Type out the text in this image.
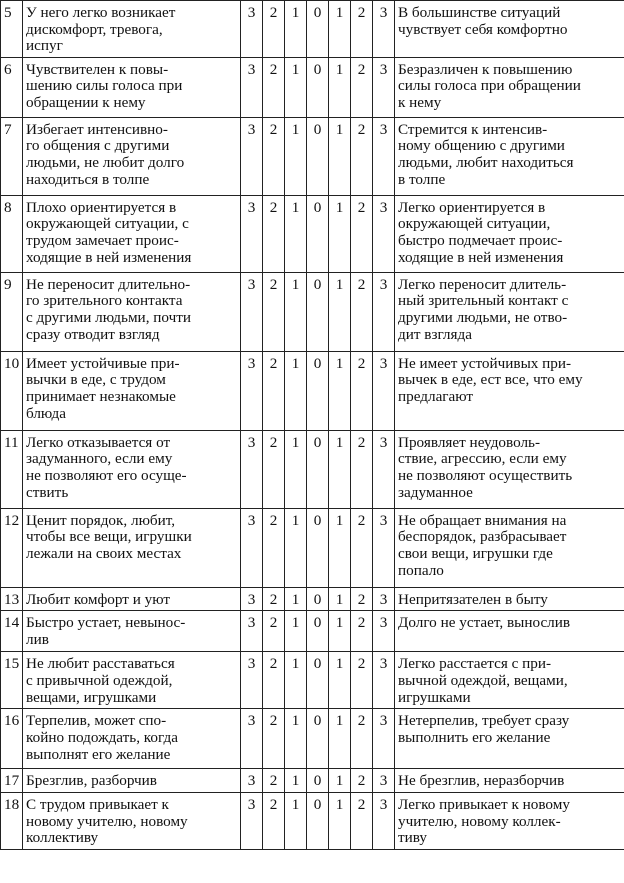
5	У него легко возникает
дискомфорт, тревога,
испуг	3	2	1	0	1	2	3	В большинстве ситуаций
чувствует себя комфортно
6	Чувствителен к повы-
шению силы голоса при
обращении к нему	3	2	1	0	1	2	3	Безразличен к повышению
силы голоса при обращении
к нему
7	Избегает интенсивно-
го общения с другими
людьми, не любит долго
находиться в толпе	3	2	1	0	1	2	3	Стремится к интенсив-
ному общению с другими
людьми, любит находиться
в толпе
8	Плохо ориентируется в
окружающей ситуации, с
трудом замечает проис-
ходящие в ней изменения	3	2	1	0	1	2	3	Легко ориентируется в
окружающей ситуации,
быстро подмечает проис-
ходящие в ней изменения
9	Не переносит длительно-
го зрительного контакта
с другими людьми, почти
сразу отводит взгляд	3	2	1	0	1	2	3	Легко переносит длитель-
ный зрительный контакт с
другими людьми, не отво-
дит взгляда
10	Имеет устойчивые при-
вычки в еде, с трудом
принимает незнакомые
блюда	3	2	1	0	1	2	3	Не имеет устойчивых при-
вычек в еде, ест все, что ему
предлагают
11	Легко отказывается от
задуманного, если ему
не позволяют его осуще-
ствить	3	2	1	0	1	2	3	Проявляет неудоволь-
ствие, агрессию, если ему
не позволяют осуществить
задуманное
12	Ценит порядок, любит,
чтобы все вещи, игрушки
лежали на своих местах	3	2	1	0	1	2	3	Не обращает внимания на
беспорядок, разбрасывает
свои вещи, игрушки где
попало
13	Любит комфорт и уют	3	2	1	0	1	2	3	Непритязателен в быту
14	Быстро устает, невынос-
лив	3	2	1	0	1	2	3	Долго не устает, вынослив
15	Не любит расставаться
с привычной одеждой,
вещами, игрушками	3	2	1	0	1	2	3	Легко расстается с при-
вычной одеждой, вещами,
игрушками
16	Терпелив, может спо-
койно подождать, когда
выполнят его желание	3	2	1	0	1	2	3	Нетерпелив, требует сразу
выполнить его желание
17	Брезглив, разборчив	3	2	1	0	1	2	3	Не брезглив, неразборчив
18	С трудом привыкает к
новому учителю, новому
коллективу	3	2	1	0	1	2	3	Легко привыкает к новому
учителю, новому коллек-
тиву
